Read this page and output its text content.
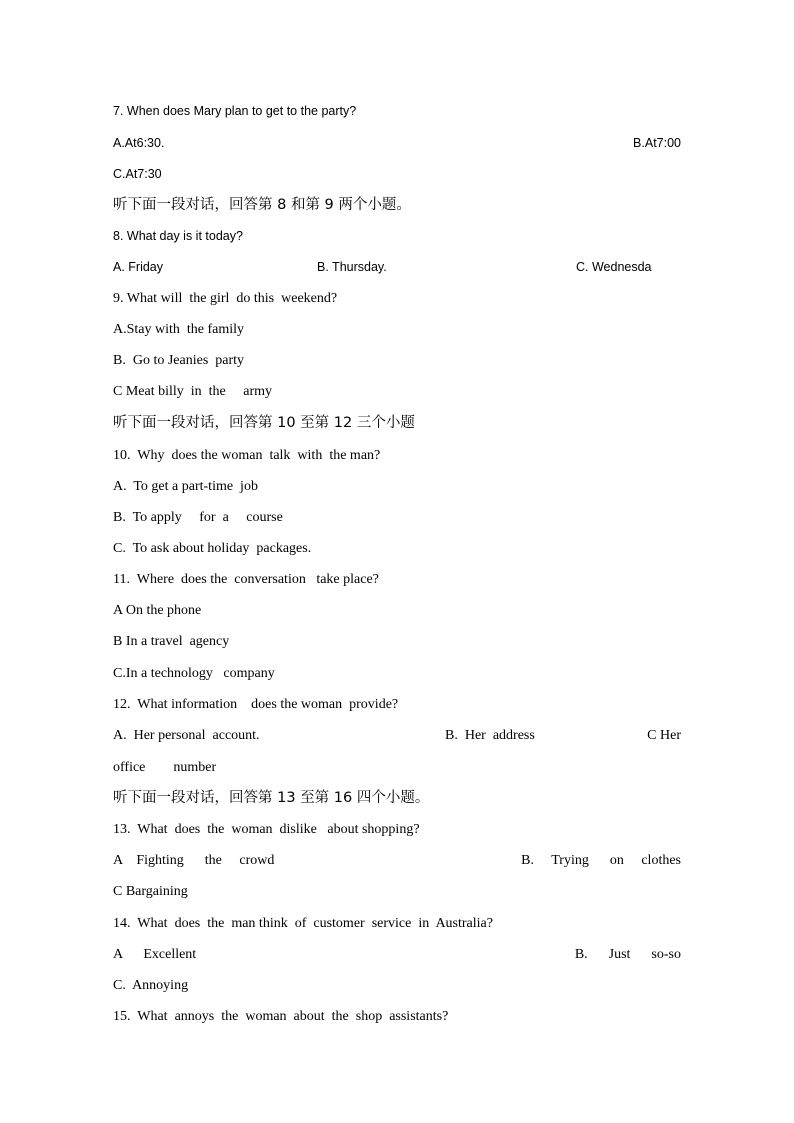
7. When does Mary plan to get to the party?
A.At6:30.	B.At7:00
C.At7:30
听下面一段对话，回答第 8 和第 9 两个小题。
8. What day is it today?
A. Friday	B. Thursday.	C. Wednesda
9. What will  the girl  do this  weekend?
A.Stay with  the family
B.  Go to Jeanies  party
C Meat billy  in  the     army
听下面一段对话，回答第 10 至第 12 三个小题
10.  Why  does the woman  talk  with  the man?
A.  To get a part-time  job
B.  To apply     for  a     course
C.  To ask about holiday  packages.
11.  Where  does the  conversation   take place?
A On the phone
B In a travel  agency
C.In a technology   company
12.  What information    does the woman  provide?
A.  Her personal  account.	B.  Her  address	C Her
office        number
听下面一段对话，回答第 13 至第 16 四个小题。
13.  What  does  the  woman  dislike   about shopping?
A    Fighting      the     crowd	B.     Trying      on     clothes
C Bargaining
14.  What  does  the  man think  of  customer  service  in  Australia?
A      Excellent	B.      Just      so-so
C.  Annoying
15.  What  annoys  the  woman  about  the  shop  assistants?
